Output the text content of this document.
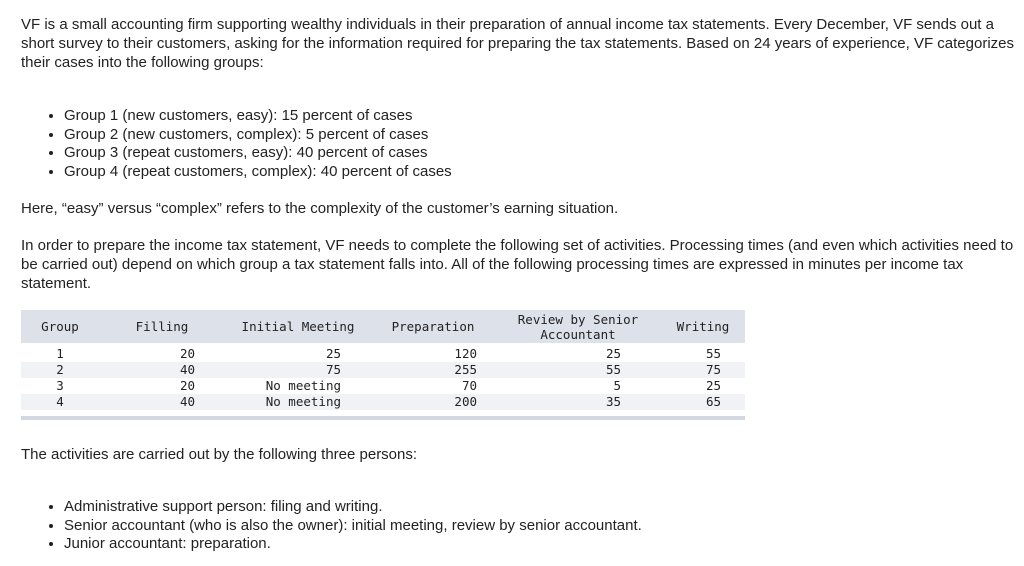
VF is a small accounting firm supporting wealthy individuals in their preparation of annual income tax statements. Every December, VF sends out a short survey to their customers, asking for the information required for preparing the tax statements. Based on 24 years of experience, VF categorizes their cases into the following groups:

• Group 1 (new customers, easy): 15 percent of cases
• Group 2 (new customers, complex): 5 percent of cases
• Group 3 (repeat customers, easy): 40 percent of cases
• Group 4 (repeat customers, complex): 40 percent of cases

Here, “easy” versus “complex” refers to the complexity of the customer’s earning situation.

In order to prepare the income tax statement, VF needs to complete the following set of activities. Processing times (and even which activities need to be carried out) depend on which group a tax statement falls into. All of the following processing times are expressed in minutes per income tax statement.

Group	Filling	Initial Meeting	Preparation	Review by Senior Accountant	Writing
1	20	25	120	25	55
2	40	75	255	55	75
3	20	No meeting	70	5	25
4	40	No meeting	200	35	65

The activities are carried out by the following three persons:

• Administrative support person: filing and writing.
• Senior accountant (who is also the owner): initial meeting, review by senior accountant.
• Junior accountant: preparation.
